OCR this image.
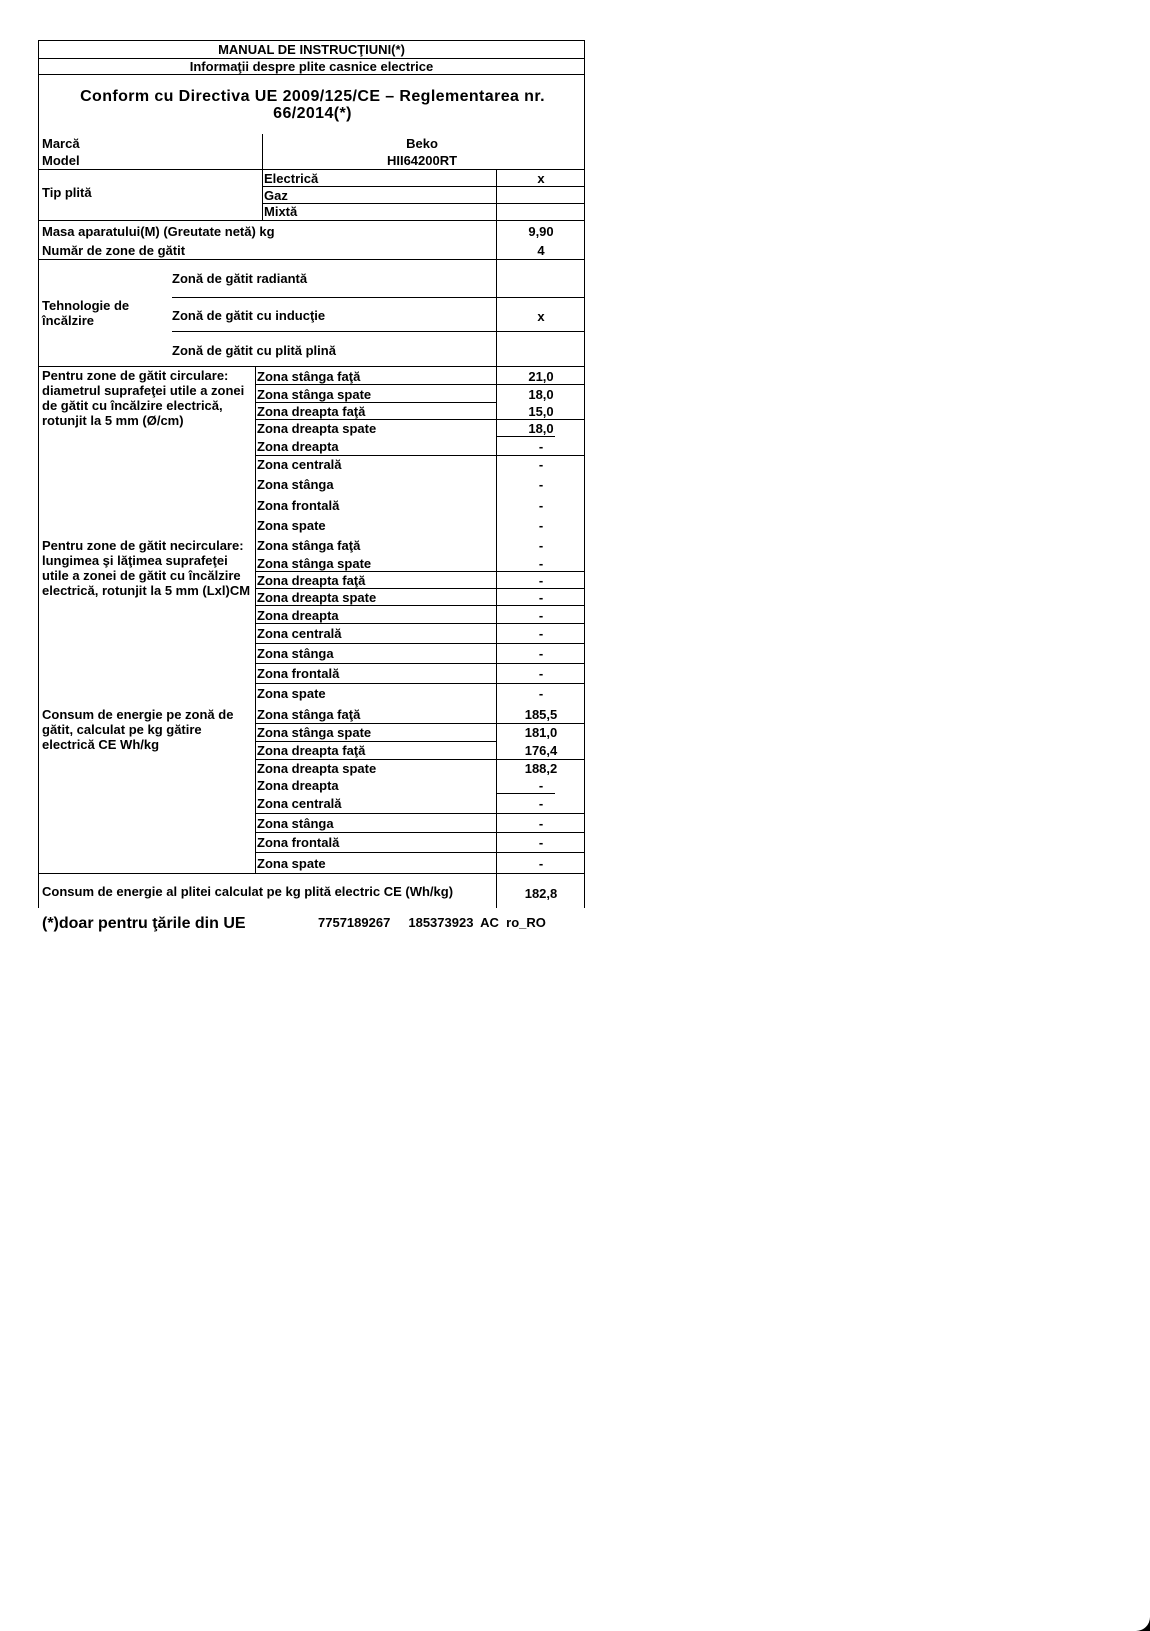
MANUAL DE INSTRUCŢIUNI(*)
Informaţii despre plite casnice electrice
Conform cu Directiva UE 2009/125/CE – Reglementarea nr. 66/2014(*)
Marcă	Beko
Model	HII64200RT
Tip plită
Electrică	x
Gaz
Mixtă
Masa aparatului(M) (Greutate netă) kg	9,90
Număr de zone de gătit	4
Tehnologie de încălzire
Zonă de gătit radiantă
Zonă de gătit cu inducţie	x
Zonă de gătit cu plită plină
Pentru zone de gătit circulare: diametrul suprafeţei utile a zonei de gătit cu încălzire electrică, rotunjit la 5 mm (Ø/cm)
Zona stânga faţă	21,0
Zona stânga spate	18,0
Zona dreapta faţă	15,0
Zona dreapta spate	18,0
Zona dreapta	-
Zona centrală	-
Zona stânga	-
Zona frontală	-
Zona spate	-
Pentru zone de gătit necirculare: lungimea şi lăţimea suprafeţei utile a zonei de gătit cu încălzire electrică, rotunjit la 5 mm (Lxl)CM
Zona stânga faţă	-
Zona stânga spate	-
Zona dreapta faţă	-
Zona dreapta spate	-
Zona dreapta	-
Zona centrală	-
Zona stânga	-
Zona frontală	-
Zona spate	-
Consum de energie pe zonă de gătit, calculat pe kg gătire electrică CE Wh/kg
Zona stânga faţă	185,5
Zona stânga spate	181,0
Zona dreapta faţă	176,4
Zona dreapta spate	188,2
Zona dreapta	-
Zona centrală	-
Zona stânga	-
Zona frontală	-
Zona spate	-
Consum de energie al plitei calculat pe kg plită electric CE (Wh/kg)	182,8
(*)doar pentru ţările din UE	7757189267     185373923  AC  ro_RO
